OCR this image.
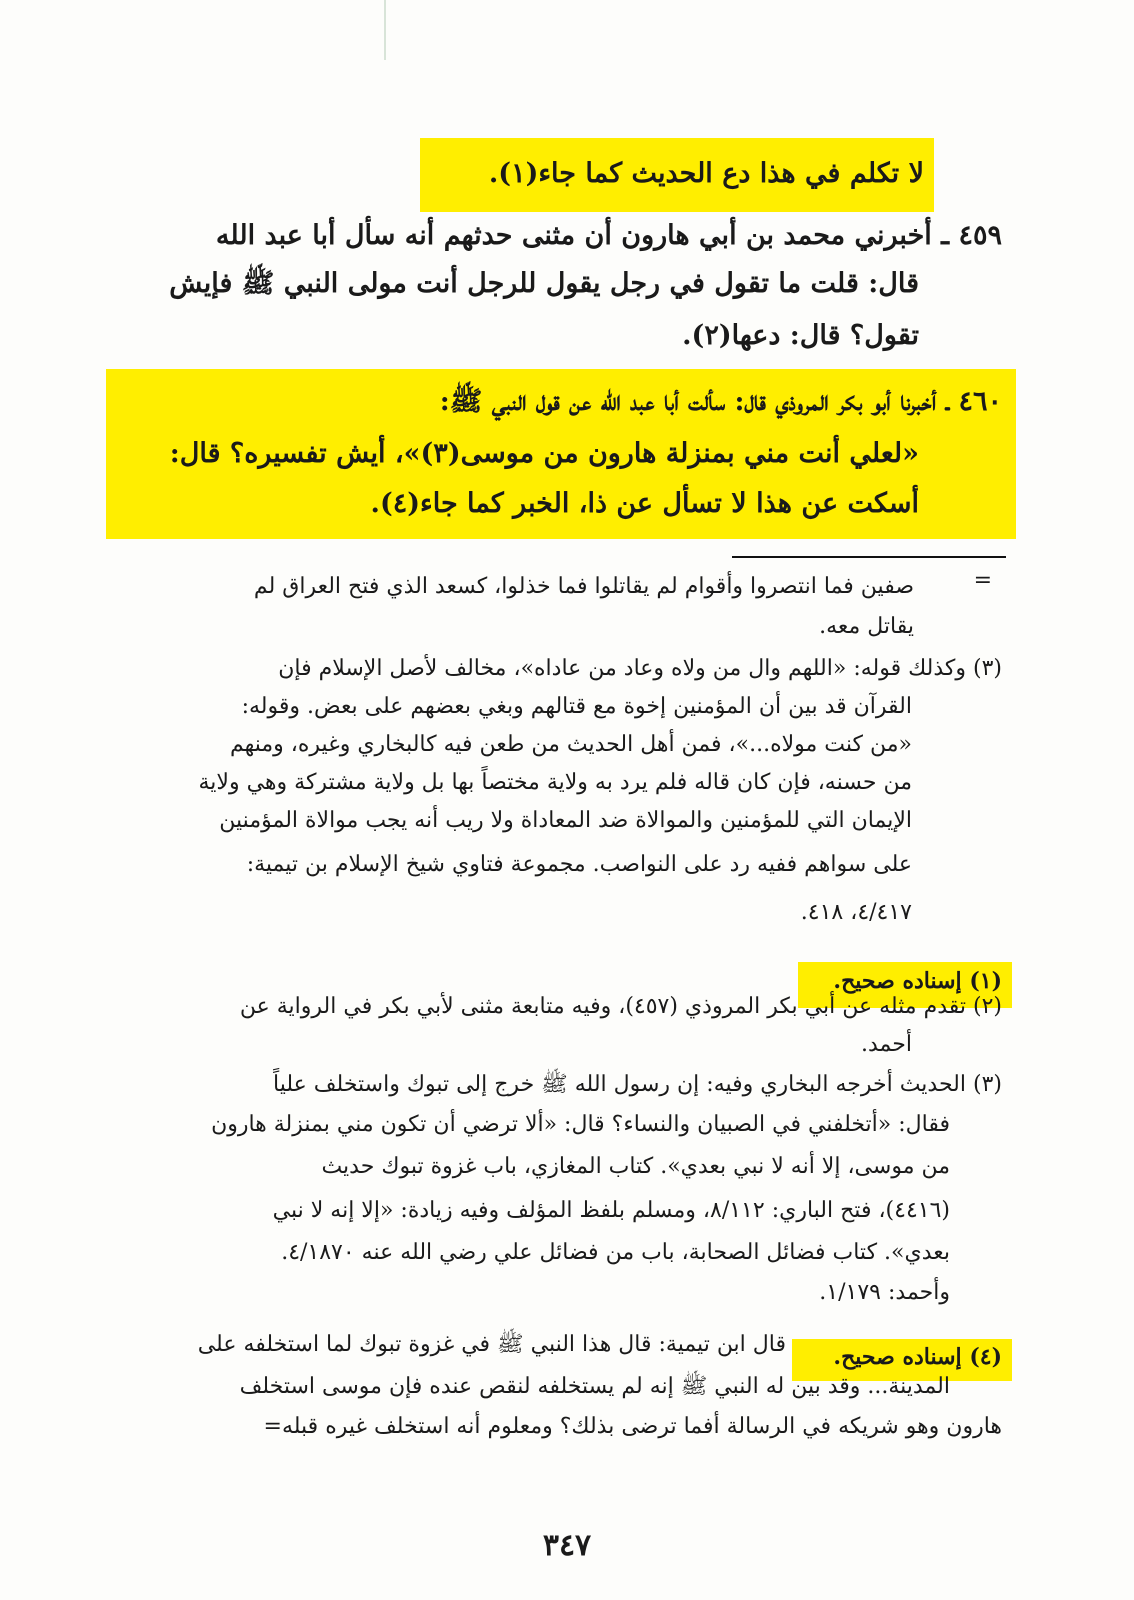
لا تكلم في هذا دع الحديث كما جاء(١).
٤٥٩ ـ أخبرني محمد بن أبي هارون أن مثنى حدثهم أنه سأل أبا عبد الله
قال: قلت ما تقول في رجل يقول للرجل أنت مولى النبي ﷺ فإيش
تقول؟ قال: دعها(٢).
٤٦٠ ـ أخبرنا أبو بكر المروذي قال: سألت أبا عبد الله عن قول النبي ﷺ:
«لعلي أنت مني بمنزلة هارون من موسى(٣)»، أيش تفسيره؟ قال:
أسكت عن هذا لا تسأل عن ذا، الخبر كما جاء(٤).
=
صفين فما انتصروا وأقوام لم يقاتلوا فما خذلوا، كسعد الذي فتح العراق لم
يقاتل معه.
(٣) وكذلك قوله: «اللهم وال من ولاه وعاد من عاداه»، مخالف لأصل الإسلام فإن
القرآن قد بين أن المؤمنين إخوة مع قتالهم وبغي بعضهم على بعض. وقوله:
«من كنت مولاه...»، فمن أهل الحديث من طعن فيه كالبخاري وغيره، ومنهم
من حسنه، فإن كان قاله فلم يرد به ولاية مختصاً بها بل ولاية مشتركة وهي ولاية
الإيمان التي للمؤمنين والموالاة ضد المعاداة ولا ريب أنه يجب موالاة المؤمنين
على سواهم ففيه رد على النواصب. مجموعة فتاوي شيخ الإسلام بن تيمية:
٤/٤١٧، ٤١٨.
(١) إسناده صحيح.
(٢) تقدم مثله عن أبي بكر المروذي (٤٥٧)، وفيه متابعة مثنى لأبي بكر في الرواية عن
أحمد.
(٣) الحديث أخرجه البخاري وفيه: إن رسول الله ﷺ خرج إلى تبوك واستخلف علياً
فقال: «أتخلفني في الصبيان والنساء؟ قال: «ألا ترضي أن تكون مني بمنزلة هارون
من موسى، إلا أنه لا نبي بعدي». كتاب المغازي، باب غزوة تبوك حديث
(٤٤١٦)، فتح الباري: ٨/١١٢، ومسلم بلفظ المؤلف وفيه زيادة: «إلا إنه لا نبي
بعدي». كتاب فضائل الصحابة، باب من فضائل علي رضي الله عنه ٤/١٨٧٠.
وأحمد: ١/١٧٩.
(٤) إسناده صحيح.
قال ابن تيمية: قال هذا النبي ﷺ في غزوة تبوك لما استخلفه على
المدينة... وقد بين له النبي ﷺ إنه لم يستخلفه لنقص عنده فإن موسى استخلف
هارون وهو شريكه في الرسالة أفما ترضى بذلك؟ ومعلوم أنه استخلف غيره قبله=
٣٤٧
